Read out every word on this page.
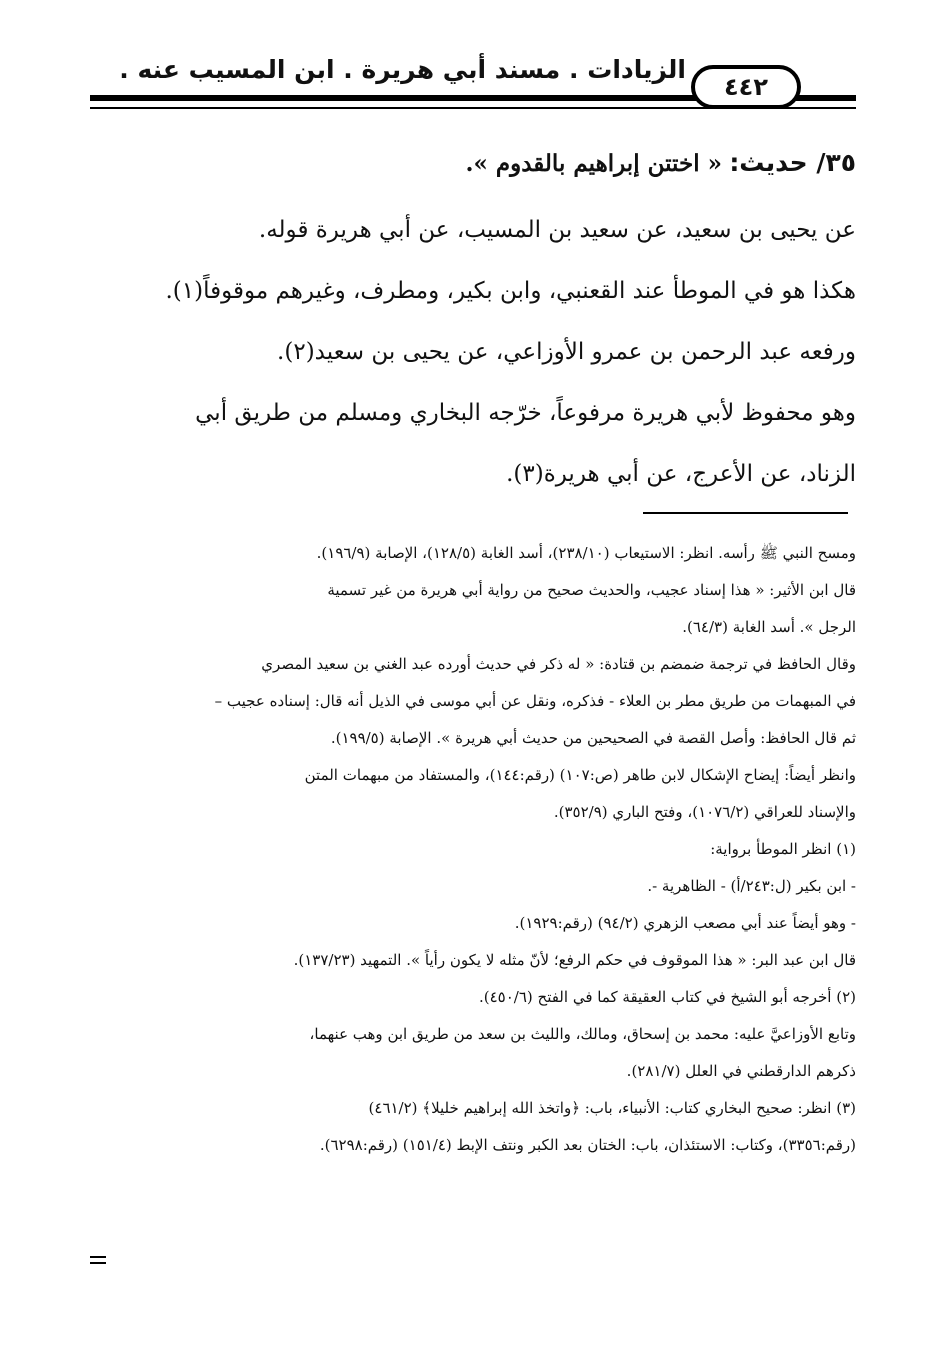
الزيادات . مسند أبي هريرة . ابن المسيب عنه .
٤٤٢

٣٥/ حديث: « اختتن إبراهيم بالقدوم ».

عن يحيى بن سعيد، عن سعيد بن المسيب، عن أبي هريرة قوله.

هكذا هو في الموطأ عند القعنبي، وابن بكير، ومطرف، وغيرهم موقوفاً(١).

ورفعه عبد الرحمن بن عمرو الأوزاعي، عن يحيى بن سعيد(٢).

وهو محفوظ لأبي هريرة مرفوعاً، خرّجه البخاري ومسلم من طريق أبي

الزناد، عن الأعرج، عن أبي هريرة(٣).

ومسح النبي ﷺ رأسه. انظر: الاستيعاب (٢٣٨/١٠)، أسد الغابة (١٢٨/٥)، الإصابة (١٩٦/٩).

قال ابن الأثير: « هذا إسناد عجيب، والحديث صحيح من رواية أبي هريرة من غير تسمية

الرجل ». أسد الغابة (٦٤/٣).

وقال الحافظ في ترجمة ضمضم بن قتادة: « له ذكر في حديث أورده عبد الغني بن سعيد المصري

في المبهمات من طريق مطر بن العلاء - فذكره، ونقل عن أبي موسى في الذيل أنه قال: إسناده عجيب –

ثم قال الحافظ: وأصل القصة في الصحيحين من حديث أبي هريرة ». الإصابة (١٩٩/٥).

وانظر أيضاً: إيضاح الإشكال لابن طاهر (ص:١٠٧) (رقم:١٤٤)، والمستفاد من مبهمات المتن

والإسناد للعراقي (١٠٧٦/٢)، وفتح الباري (٣٥٢/٩).

(١) انظر الموطأ برواية:

- ابن بكير (ل:٢٤٣/أ) - الظاهرية -.

- وهو أيضاً عند أبي مصعب الزهري (٩٤/٢) (رقم:١٩٢٩).

قال ابن عبد البر: « هذا الموقوف في حكم الرفع؛ لأنّ مثله لا يكون رأياً ». التمهيد (١٣٧/٢٣).

(٢) أخرجه أبو الشيخ في كتاب العقيقة كما في الفتح (٤٥٠/٦).

وتابع الأوزاعيَّ عليه: محمد بن إسحاق، ومالك، والليث بن سعد من طريق ابن وهب عنهما،

ذكرهم الدارقطني في العلل (٢٨١/٧).

(٣) انظر: صحيح البخاري كتاب: الأنبياء، باب: ﴿واتخذ الله إبراهيم خليلا﴾ (٤٦١/٢)

(رقم:٣٣٥٦)، وكتاب: الاستئذان، باب: الختان بعد الكبر ونتف الإبط (١٥١/٤) (رقم:٦٢٩٨).
